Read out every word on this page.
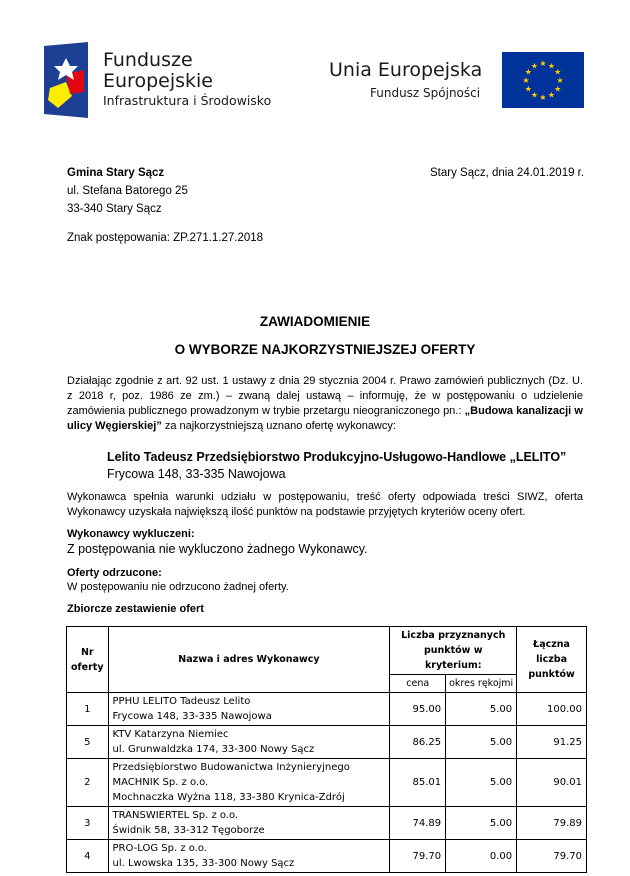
Fundusze
Europejskie
Infrastruktura i Środowisko
Unia Europejska
Fundusz Spójności
★
★
★
★
★
★
★
★
★ ★ ★
★
Gmina Stary Sącz
ul. Stefana Batorego 25
33-340 Stary Sącz
Stary Sącz, dnia 24.01.2019 r.
Znak postępowania: ZP.271.1.27.2018
ZAWIADOMIENIE
O WYBORZE NAJKORZYSTNIEJSZEJ OFERTY
Działając zgodnie z art. 92 ust. 1 ustawy z dnia 29 stycznia 2004 r. Prawo zamówień publicznych (Dz. U. z 2018 r, poz. 1986 ze zm.) – zwaną dalej ustawą – informuję, że w postępowaniu o udzielenie zamówienia publicznego prowadzonym w trybie przetargu nieograniczonego pn.: „Budowa kanalizacji w ulicy Węgierskiej” za najkorzystniejszą uznano ofertę wykonawcy:
Lelito Tadeusz Przedsiębiorstwo Produkcyjno-Usługowo-Handlowe „LELITO”
Frycowa 148, 33-335 Nawojowa
Wykonawca spełnia warunki udziału w postępowaniu, treść oferty odpowiada treści SIWZ, oferta Wykonawcy uzyskała największą ilość punktów na podstawie przyjętych kryteriów oceny ofert.
Wykonawcy wykluczeni:
Z postępowania nie wykluczono żadnego Wykonawcy.
Oferty odrzucone:
W postępowaniu nie odrzucono żadnej oferty.
Zbiorcze zestawienie ofert
Nr oferty	Nazwa i adres Wykonawcy	Liczba przyznanych punktów w kryterium:		Łączna liczba punktów
		cena	okres rękojmi	
1	PPHU LELITO Tadeusz Lelito
Frycowa 148, 33-335 Nawojowa	95.00	5.00	100.00
5	KTV Katarzyna Niemiec
ul. Grunwaldzka 174, 33-300 Nowy Sącz	86.25	5.00	91.25
2	Przedsiębiorstwo Budowanictwa Inżynieryjnego
MACHNIK Sp. z o.o.
Mochnaczka Wyżna 118, 33-380 Krynica-Zdrój	85.01	5.00	90.01
3	TRANSWIERTEL Sp. z o.o.
Świdnik 58, 33-312 Tęgoborze	74.89	5.00	79.89
4	PRO-LOG Sp. z o.o.
ul. Lwowska 135, 33-300 Nowy Sącz	79.70	0.00	79.70
